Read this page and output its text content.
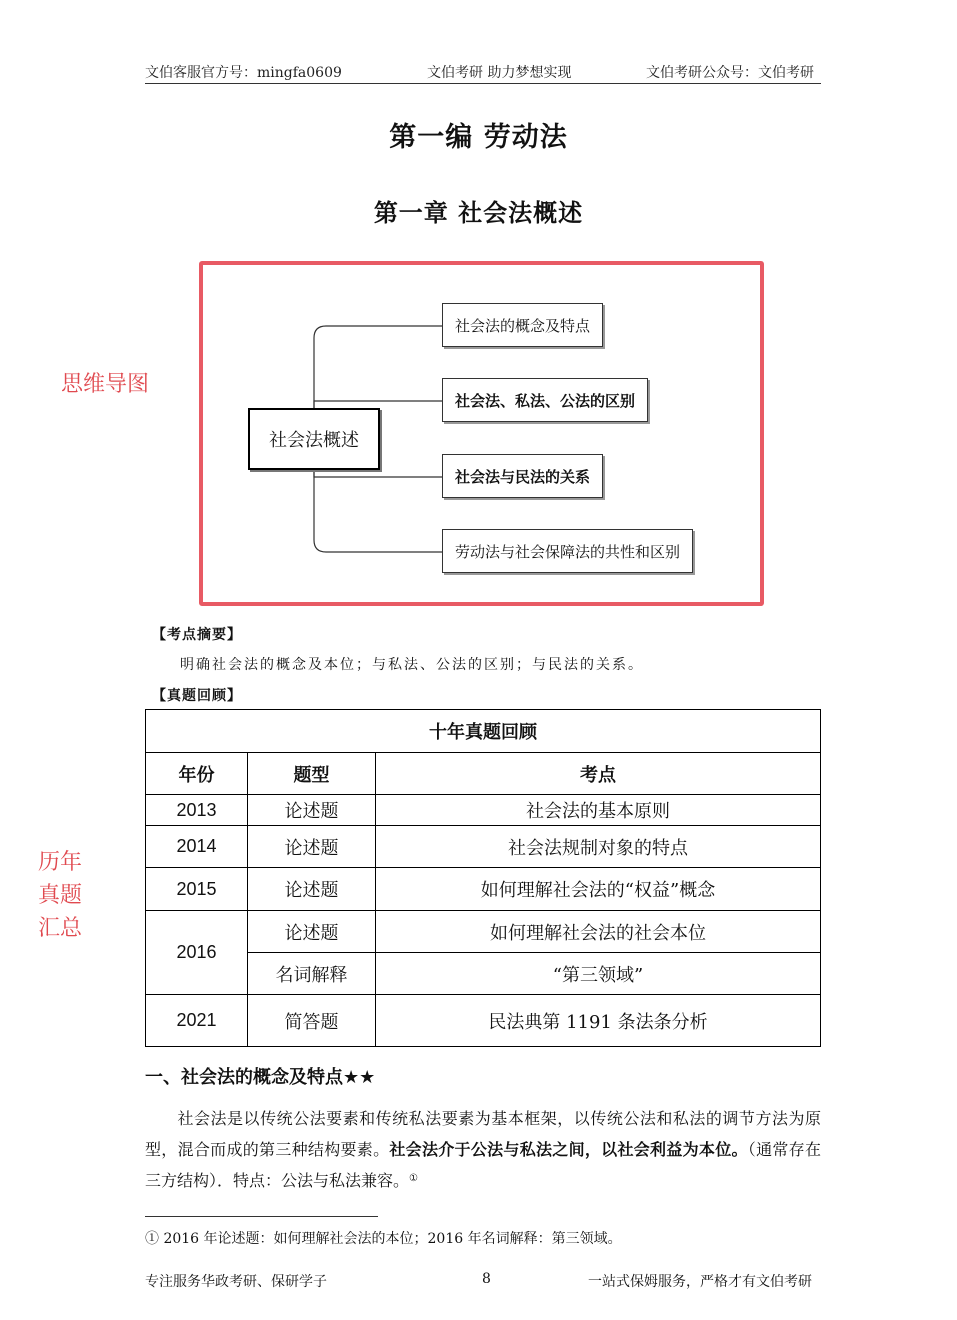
文伯客服官方号：mingfa0609	文伯考研 助力梦想实现	文伯考研公众号：文伯考研
第一编 劳动法
第一章 社会法概述
社会法概述
社会法的概念及特点
社会法、私法、公法的区别
社会法与民法的关系
劳动法与社会保障法的共性和区别
思维导图
【考点摘要】
明确社会法的概念及本位；与私法、公法的区别；与民法的关系。
【真题回顾】
历年
真题
汇总
十年真题回顾		
年份	题型	考点
2013	论述题	社会法的基本原则
2014	论述题	社会法规制对象的特点
2015	论述题	如何理解社会法的“权益”概念
2016	论述题	如何理解社会法的社会本位
	名词解释	“第三领域”
2021	简答题	民法典第 1191 条法条分析
一、社会法的概念及特点★★
社会法是以传统公法要素和传统私法要素为基本框架，以传统公法和私法的调节方法为原型，混合而成的第三种结构要素。社会法介于公法与私法之间，以社会利益为本位。（通常存在三方结构）．特点：公法与私法兼容。①
① 2016 年论述题：如何理解社会法的本位；2016 年名词解释：第三领域。
专注服务华政考研、保研学子	8	一站式保姆服务，严格才有文伯考研
